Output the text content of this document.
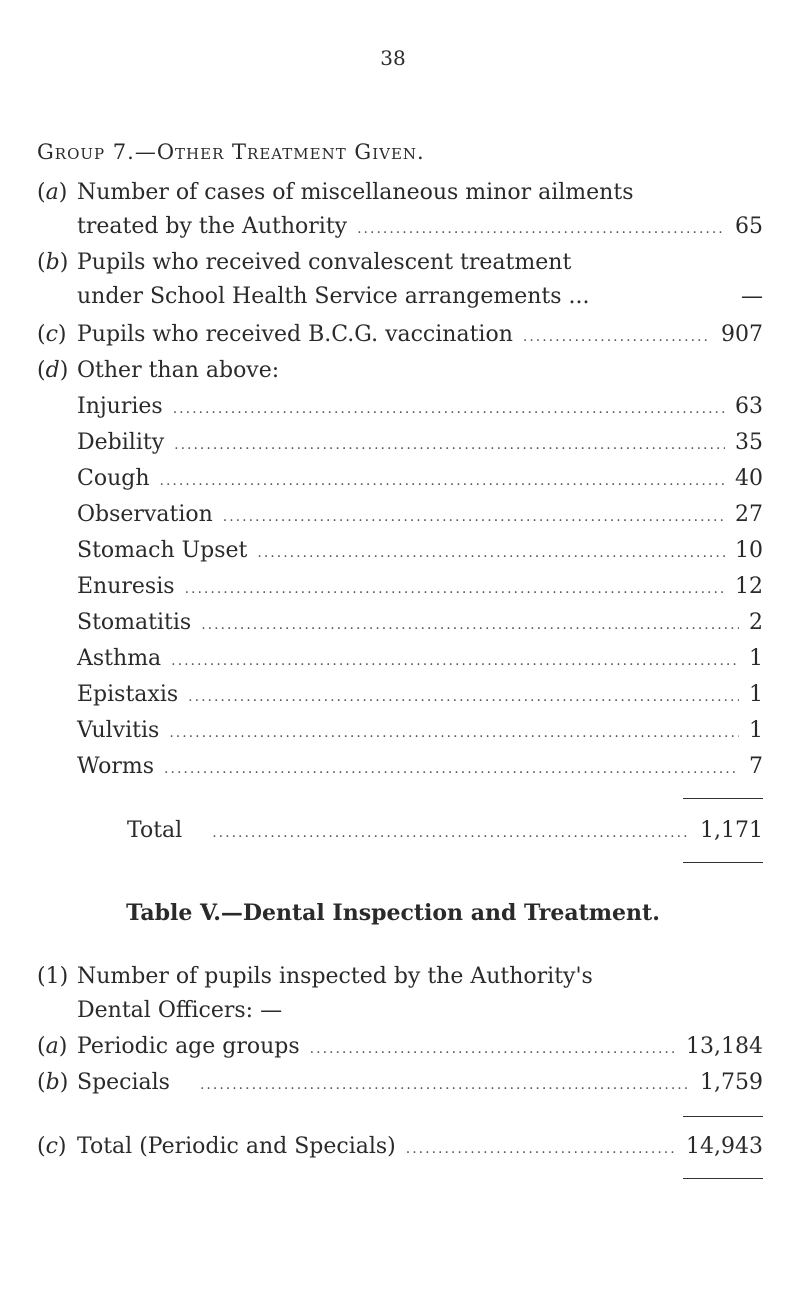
38
Group 7.—Other Treatment Given.
(a) Number of cases of miscellaneous minor ailments
treated by the Authority .....	65
(b) Pupils who received convalescent treatment
under School Health Service arrangements ...	—
(c) Pupils who received B.C.G. vaccination .....	907
(d) Other than above:
Injuries .....	63
Debility .....	35
Cough .....	40
Observation .....	27
Stomach Upset .....	10
Enuresis .....	12
Stomatitis .....	2
Asthma .....	1
Epistaxis .....	1
Vulvitis .....	1
Worms .....	7
Total .....	1,171
Table V.—Dental Inspection and Treatment.
(1) Number of pupils inspected by the Authority's
Dental Officers: —
(a) Periodic age groups .....	13,184
(b) Specials .....	1,759
(c) Total (Periodic and Specials) .....	14,943
